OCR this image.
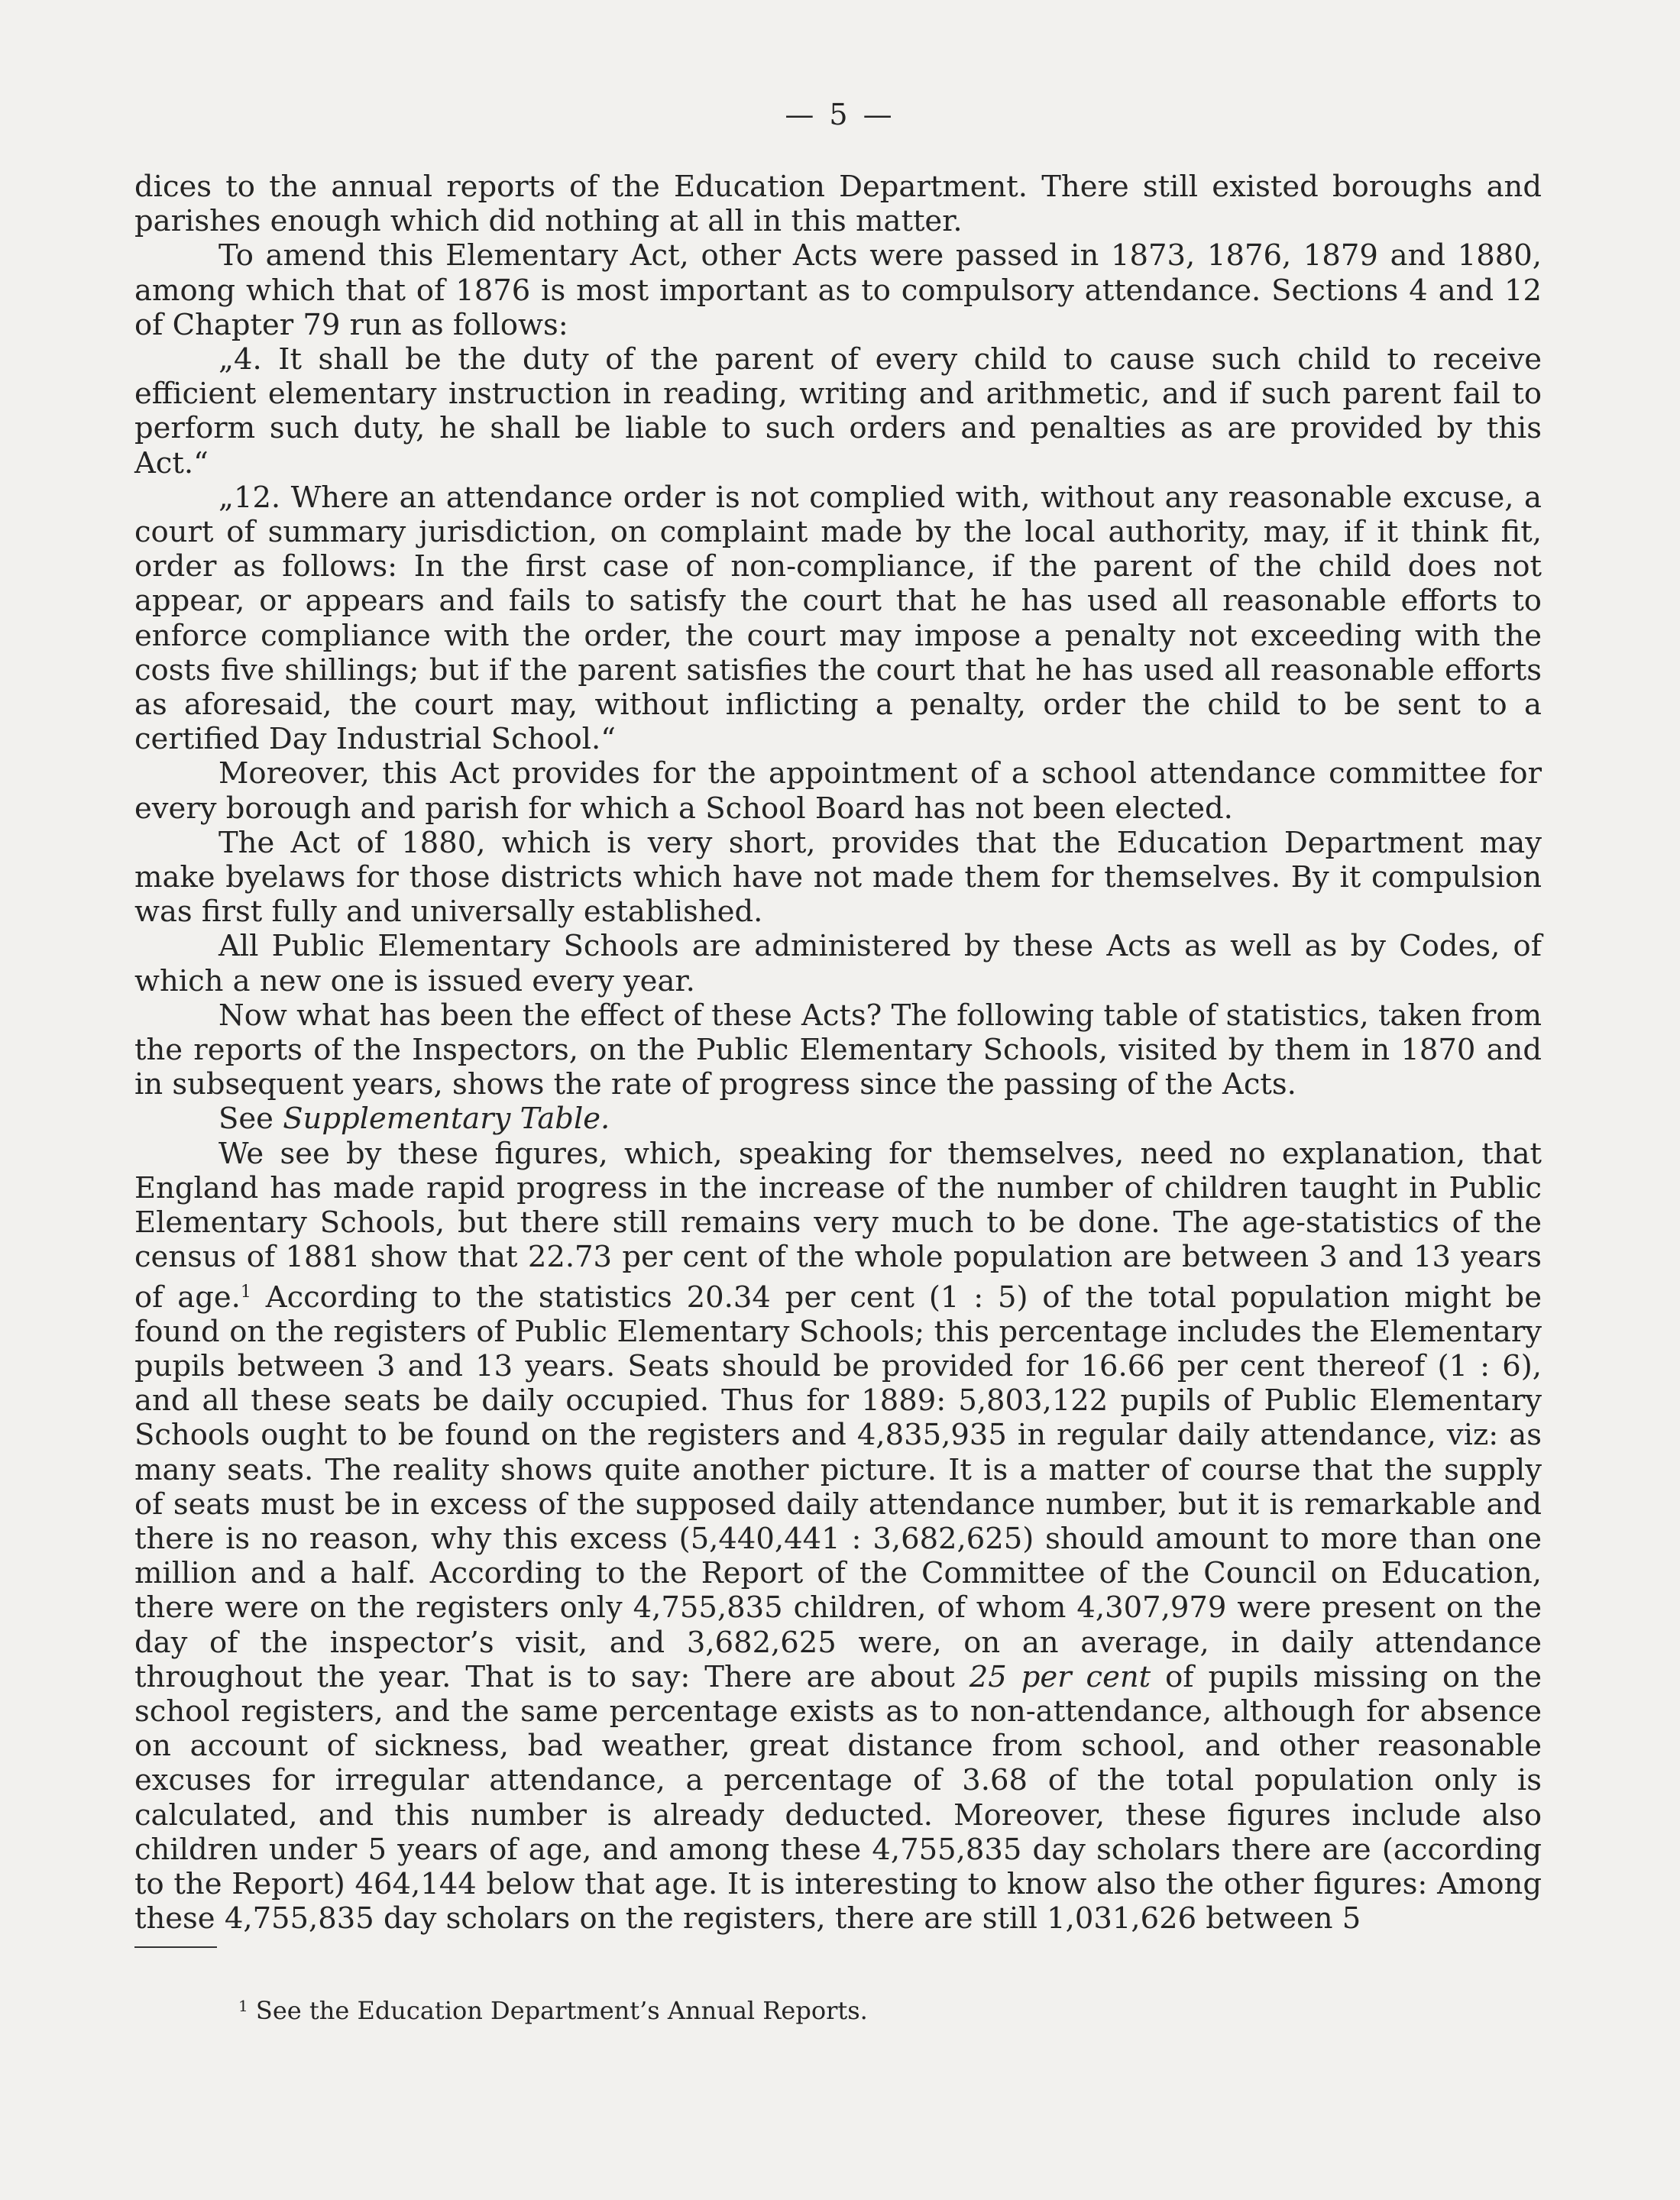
— 5 —

dices to the annual reports of the Education Department. There still existed boroughs and parishes enough which did nothing at all in this matter.

To amend this Elementary Act, other Acts were passed in 1873, 1876, 1879 and 1880, among which that of 1876 is most important as to compulsory attendance. Sections 4 and 12 of Chapter 79 run as follows:

„4. It shall be the duty of the parent of every child to cause such child to receive efficient elementary instruction in reading, writing and arithmetic, and if such parent fail to perform such duty, he shall be liable to such orders and penalties as are provided by this Act.“

„12. Where an attendance order is not complied with, without any reasonable excuse, a court of summary jurisdiction, on complaint made by the local authority, may, if it think fit, order as follows: In the first case of non-compliance, if the parent of the child does not appear, or appears and fails to satisfy the court that he has used all reasonable efforts to enforce compliance with the order, the court may impose a penalty not exceeding with the costs five shillings; but if the parent satisfies the court that he has used all reasonable efforts as aforesaid, the court may, without inflicting a penalty, order the child to be sent to a certified Day Industrial School.“

Moreover, this Act provides for the appointment of a school attendance committee for every borough and parish for which a School Board has not been elected.

The Act of 1880, which is very short, provides that the Education Department may make byelaws for those districts which have not made them for themselves. By it compulsion was first fully and universally established.

All Public Elementary Schools are administered by these Acts as well as by Codes, of which a new one is issued every year.

Now what has been the effect of these Acts? The following table of statistics, taken from the reports of the Inspectors, on the Public Elementary Schools, visited by them in 1870 and in subsequent years, shows the rate of progress since the passing of the Acts.

See Supplementary Table.

We see by these figures, which, speaking for themselves, need no explanation, that England has made rapid progress in the increase of the number of children taught in Public Elementary Schools, but there still remains very much to be done. The age-statistics of the census of 1881 show that 22.73 per cent of the whole population are between 3 and 13 years of age.$^1$ According to the statistics 20.34 per cent (1 : 5) of the total population might be found on the registers of Public Elementary Schools; this percentage includes the Elementary pupils between 3 and 13 years. Seats should be provided for 16.66 per cent thereof (1 : 6), and all these seats be daily occupied. Thus for 1889: 5,803,122 pupils of Public Elementary Schools ought to be found on the registers and 4,835,935 in regular daily attendance, viz: as many seats. The reality shows quite another picture. It is a matter of course that the supply of seats must be in excess of the supposed daily attendance number, but it is remarkable and there is no reason, why this excess (5,440,441 : 3,682,625) should amount to more than one million and a half. According to the Report of the Committee of the Council on Education, there were on the registers only 4,755,835 children, of whom 4,307,979 were present on the day of the inspector’s visit, and 3,682,625 were, on an average, in daily attendance throughout the year. That is to say: There are about 25 per cent of pupils missing on the school registers, and the same percentage exists as to non-attendance, although for absence on account of sickness, bad weather, great distance from school, and other reasonable excuses for irregular attendance, a percentage of 3.68 of the total population only is calculated, and this number is already deducted. Moreover, these figures include also children under 5 years of age, and among these 4,755,835 day scholars there are (according to the Report) 464,144 below that age. It is interesting to know also the other figures: Among these 4,755,835 day scholars on the registers, there are still 1,031,626 between 5

$^1$ See the Education Department’s Annual Reports.
